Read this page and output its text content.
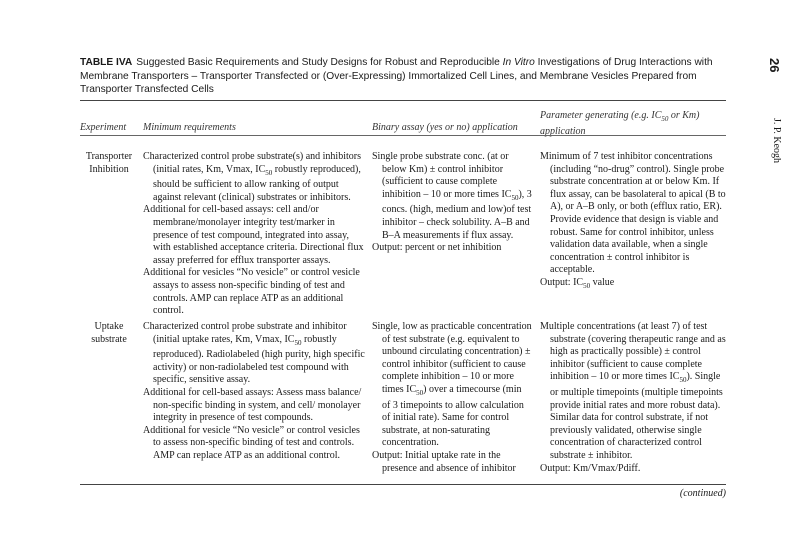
26
J. P. Keogh
TABLE IVA Suggested Basic Requirements and Study Designs for Robust and Reproducible In Vitro Investigations of Drug Interactions with Membrane Transporters – Transporter Transfected or (Over-Expressing) Immortalized Cell Lines, and Membrane Vesicles Prepared from Transporter Transfected Cells
Experiment	Minimum requirements	Binary assay (yes or no) application
Parameter generating (e.g. $IC_{50}$ or Km) application
Transporter Inhibition

Characterized control probe substrate(s) and inhibitors (initial rates, Km, Vmax, $IC_{50}$ robustly reproduced), should be sufficient to allow ranking of output against relevant (clinical) substrates or inhibitors.

Additional for cell-based assays: cell and/or membrane/monolayer integrity test/marker in presence of test compound, integrated into assay, with established acceptance criteria. Directional flux assay preferred for efflux transporter assays.

Additional for vesicles “No vesicle” or control vesicle assays to assess non-specific binding of test and controls. AMP can replace ATP as an additional control.

Single probe substrate conc. (at or below Km) ± control inhibitor (sufficient to cause complete inhibition – 10 or more times $IC_{50}$), 3 concs. (high, medium and low)of test inhibitor – check solubility. A–B and B–A measurements if flux assay.

Output: percent or net inhibition

Minimum of 7 test inhibitor concentrations (including “no-drug” control). Single probe substrate concentration at or below Km. If flux assay, can be basolateral to apical (B to A), or A–B only, or both (efflux ratio, ER). Provide evidence that design is viable and robust. Same for control inhibitor, unless validation data available, when a single concentration ± control inhibitor is acceptable.

Output: $IC_{50}$ value

Uptake substrate

Characterized control probe substrate and inhibitor (initial uptake rates, Km, Vmax, $IC_{50}$ robustly reproduced). Radiolabeled (high purity, high specific activity) or non-radiolabeled test compound with specific, sensitive assay.

Additional for cell-based assays: Assess mass balance/ non-specific binding in system, and cell/ monolayer integrity in presence of test compounds.

Additional for vesicle “No vesicle” or control vesicles to assess non-specific binding of test and controls. AMP can replace ATP as an additional control.

Single, low as practicable concentration of test substrate (e.g. equivalent to unbound circulating concentration) ± control inhibitor (sufficient to cause complete inhibition – 10 or more times $IC_{50}$) over a timecourse (min of 3 timepoints to allow calculation of initial rate). Same for control substrate, at non-saturating concentration.

Output: Initial uptake rate in the presence and absence of inhibitor

Multiple concentrations (at least 7) of test substrate (covering therapeutic range and as high as practically possible) ± control inhibitor (sufficient to cause complete inhibition – 10 or more times $IC_{50}$). Single or multiple timepoints (multiple timepoints provide initial rates and more robust data). Similar data for control substrate, if not previously validated, otherwise single concentration of characterized control substrate ± inhibitor.

Output: Km/Vmax/Pdiff.

(continued)
